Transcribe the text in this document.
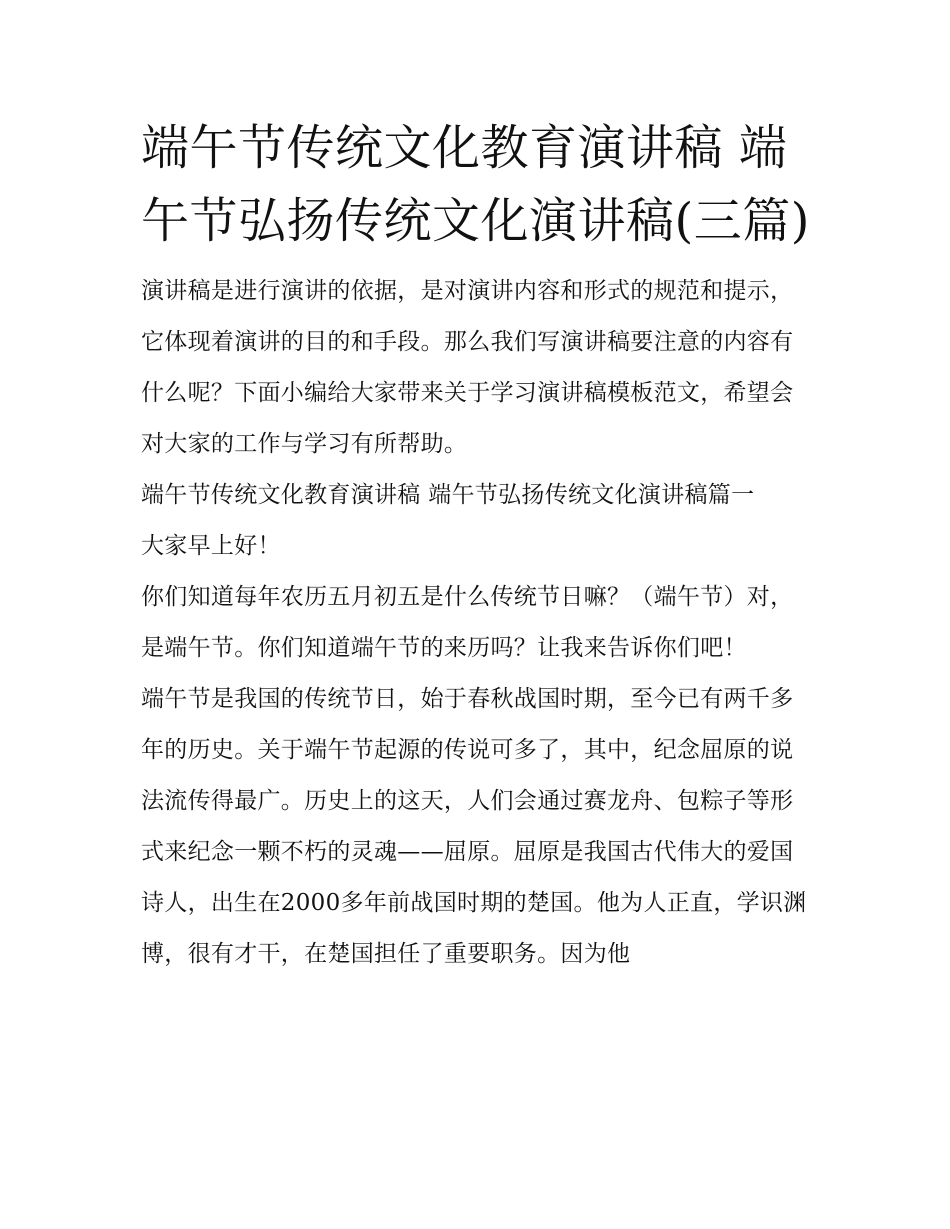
端午节传统文化教育演讲稿 端午节弘扬传统文化演讲稿(三篇)

演讲稿是进行演讲的依据，是对演讲内容和形式的规范和提示，它体现着演讲的目的和手段。那么我们写演讲稿要注意的内容有什么呢？下面小编给大家带来关于学习演讲稿模板范文，希望会对大家的工作与学习有所帮助。

端午节传统文化教育演讲稿 端午节弘扬传统文化演讲稿篇一

大家早上好！

你们知道每年农历五月初五是什么传统节日嘛？（端午节）对，是端午节。你们知道端午节的来历吗？让我来告诉你们吧！

端午节是我国的传统节日，始于春秋战国时期，至今已有两千多年的历史。关于端午节起源的传说可多了，其中，纪念屈原的说法流传得最广。历史上的这天，人们会通过赛龙舟、包粽子等形式来纪念一颗不朽的灵魂——屈原。屈原是我国古代伟大的爱国诗人，出生在2000多年前战国时期的楚国。他为人正直，学识渊博，很有才干，在楚国担任了重要职务。因为他
